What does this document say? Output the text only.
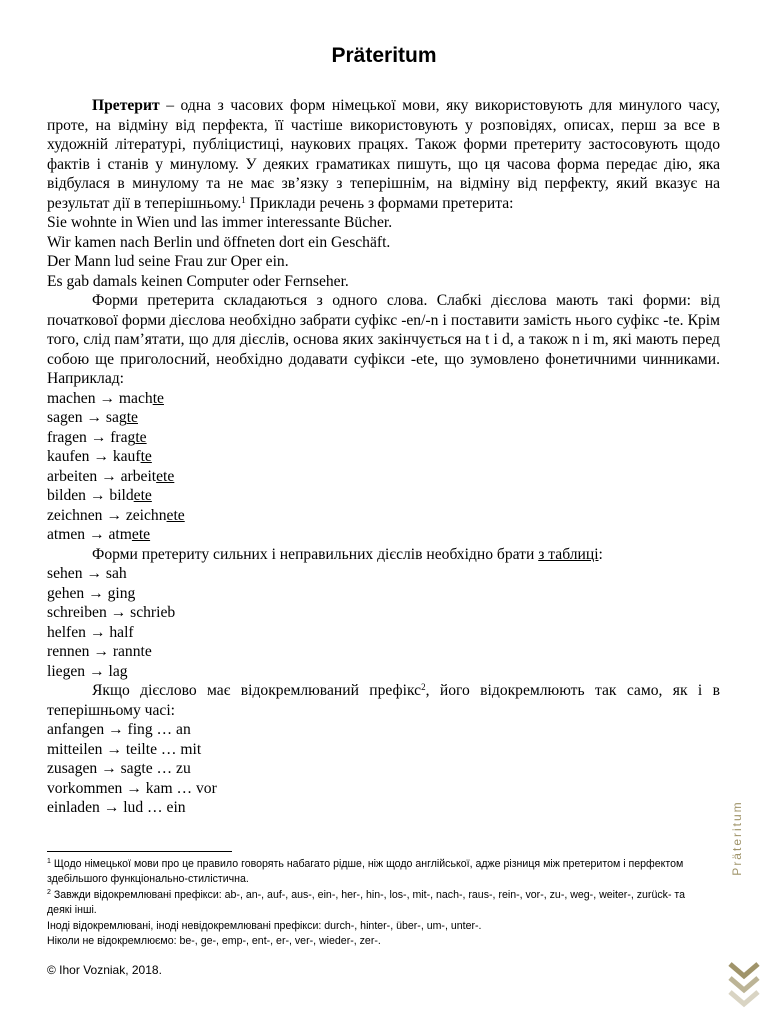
Präteritum

Претерит – одна з часових форм німецької мови, яку використовують для минулого часу, проте, на відміну від перфекта, її частіше використовують у розповідях, описах, перш за все в художній літературі, публіцистиці, наукових працях. Також форми претериту застосовують щодо фактів і станів у минулому. У деяких граматиках пишуть, що ця часова форма передає дію, яка відбулася в минулому та не має зв’язку з теперішнім, на відміну від перфекту, який вказує на результат дії в теперішньому.$^1$ Приклади речень з формами претерита:

Sie wohnte in Wien und las immer interessante Bücher.

Wir kamen nach Berlin und öffneten dort ein Geschäft.

Der Mann lud seine Frau zur Oper ein.

Es gab damals keinen Computer oder Fernseher.

Форми претерита складаються з одного слова. Слабкі дієслова мають такі форми: від початкової форми дієслова необхідно забрати суфікс -en/-n і поставити замість нього суфікс -te. Крім того, слід пам’ятати, що для дієслів, основа яких закінчується на t і d, а також n і m, які мають перед собою ще приголосний, необхідно додавати суфікси -ete, що зумовлено фонетичними чинниками. Наприклад:

machen → machte

sagen → sagte

fragen → fragte

kaufen → kaufte

arbeiten → arbeitete

bilden → bildete

zeichnen → zeichnete

atmen → atmete

Форми претериту сильних і неправильних дієслів необхідно брати з таблиці:

sehen → sah

gehen → ging

schreiben → schrieb

helfen → half

rennen → rannte

liegen → lag

Якщо дієслово має відокремлюваний префікс$^2$, його відокремлюють так само, як і в теперішньому часі:

anfangen → fing … an

mitteilen → teilte … mit

zusagen → sagte … zu

vorkommen → kam … vor

einladen → lud … ein

$^1$ Щодо німецької мови про це правило говорять набагато рідше, ніж щодо англійської, адже різниця між претеритом і перфектом здебільшого функціонально-стилістична.

$^2$ Завжди відокремлювані префікси: ab-, an-, auf-, aus-, ein-, her-, hin-, los-, mit-, nach-, raus-, rein-, vor-, zu-, weg-, weiter-, zurück- та деякі інші.

Іноді відокремлювані, іноді невідокремлювані префікси: durch-, hinter-, über-, um-, unter-.

Ніколи не відокремлюємо: be-, ge-, emp-, ent-, er-, ver-, wieder-, zer-.

© Ihor Vozniak, 2018.
Präteritum
